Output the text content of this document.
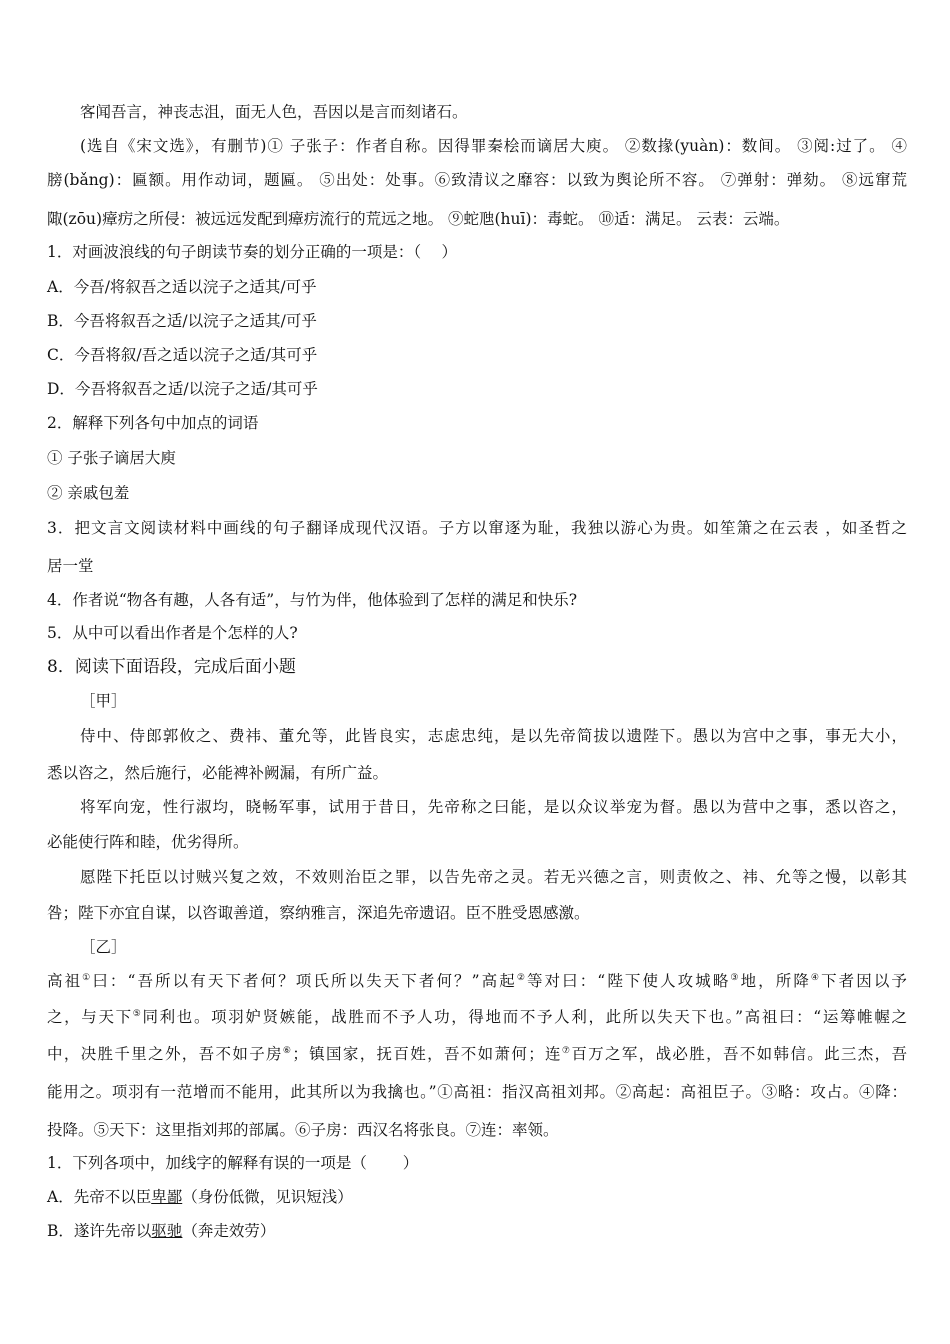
客闻吾言，神丧志沮，面无人色，吾因以是言而刻诸石。
(选自《宋文选》，有删节)① 子张子：作者自称。因得罪秦桧而谪居大庾。 ②数掾(yuàn)：数间。 ③阅:过了。 ④
膀(bǎng)：匾额。用作动词，题匾。 ⑤出处：处事。⑥致清议之靡容：以致为舆论所不容。 ⑦弹射：弹劾。 ⑧远窜荒
陬(zōu)瘴疠之所侵：被远远发配到瘴疠流行的荒远之地。 ⑨蛇虺(huī)：毒蛇。 ⑩适：满足。 云表：云端。
1．对画波浪线的句子朗读节奏的划分正确的一项是：（　 ）
A．今吾/将叙吾之适以浣子之适其/可乎
B．今吾将叙吾之适/以浣子之适其/可乎
C．今吾将叙/吾之适以浣子之适/其可乎
D．今吾将叙吾之适/以浣子之适/其可乎
2．解释下列各句中加点的词语
① 子张子谪居大庾
② 亲戚包羞
3．把文言文阅读材料中画线的句子翻译成现代汉语。子方以窜逐为耻，我独以游心为贵。如笙箫之在云表 ，如圣哲之
居一堂
4．作者说“物各有趣，人各有适”，与竹为伴，他体验到了怎样的满足和快乐?
5．从中可以看出作者是个怎样的人?
8．阅读下面语段，完成后面小题
［甲］
侍中、侍郎郭攸之、费祎、董允等，此皆良实，志虑忠纯，是以先帝简拔以遗陛下。愚以为宫中之事，事无大小，
悉以咨之，然后施行，必能裨补阙漏，有所广益。
将军向宠，性行淑均，晓畅军事，试用于昔日，先帝称之曰能，是以众议举宠为督。愚以为营中之事，悉以咨之，
必能使行阵和睦，优劣得所。
愿陛下托臣以讨贼兴复之效，不效则治臣之罪，以告先帝之灵。若无兴德之言，则责攸之、祎、允等之慢，以彰其
咎；陛下亦宜自谋，以咨诹善道，察纳雅言，深追先帝遗诏。臣不胜受恩感激。
［乙］
高祖①曰：“吾所以有天下者何？项氏所以失天下者何？”高起②等对曰：“陛下使人攻城略③地，所降④下者因以予
之，与天下⑤同利也。项羽妒贤嫉能，战胜而不予人功，得地而不予人利，此所以失天下也。”高祖曰：“运筹帷幄之
中，决胜千里之外，吾不如子房⑥；镇国家，抚百姓，吾不如萧何；连⑦百万之军，战必胜，吾不如韩信。此三杰，吾
能用之。项羽有一范增而不能用，此其所以为我擒也。”①高祖：指汉高祖刘邦。②高起：高祖臣子。③略：攻占。④降：
投降。⑤天下：这里指刘邦的部属。⑥子房：西汉名将张良。⑦连：率领。
1．下列各项中，加线字的解释有误的一项是（　　 ）
A．先帝不以臣卑鄙（身份低微，见识短浅）
B．遂许先帝以驱驰（奔走效劳）
